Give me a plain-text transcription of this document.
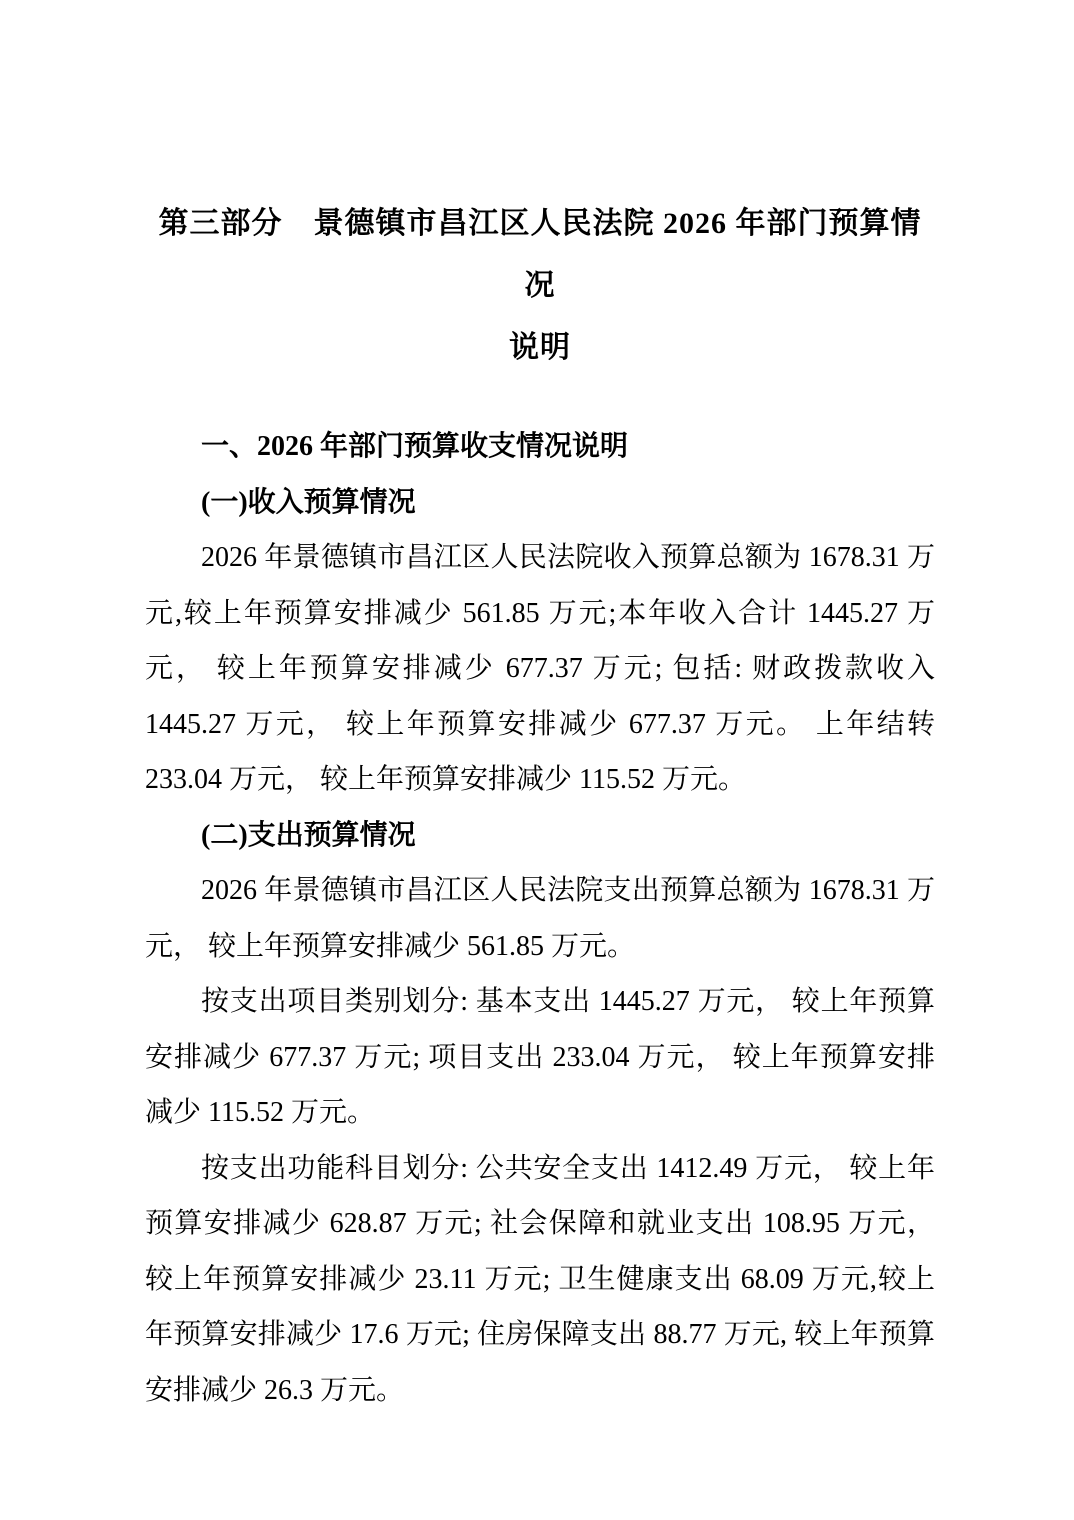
第三部分　景德镇市昌江区人民法院 2026 年部门预算情况
说明
一、2026 年部门预算收支情况说明
(一)收入预算情况

2026 年景德镇市昌江区人民法院收入预算总额为 1678.31 万元,较上年预算安排减少 561.85 万元;本年收入合计 1445.27 万元， 较上年预算安排减少 677.37 万元; 包括: 财政拨款收入 1445.27 万元， 较上年预算安排减少 677.37 万元。 上年结转 233.04 万元， 较上年预算安排减少 115.52 万元。

(二)支出预算情况

2026 年景德镇市昌江区人民法院支出预算总额为 1678.31 万元， 较上年预算安排减少 561.85 万元。

按支出项目类别划分: 基本支出 1445.27 万元， 较上年预算安排减少 677.37 万元; 项目支出 233.04 万元， 较上年预算安排减少 115.52 万元。

按支出功能科目划分: 公共安全支出 1412.49 万元， 较上年预算安排减少 628.87 万元; 社会保障和就业支出 108.95 万元， 较上年预算安排减少 23.11 万元; 卫生健康支出 68.09 万元,较上年预算安排减少 17.6 万元; 住房保障支出 88.77 万元, 较上年预算安排减少 26.3 万元。
